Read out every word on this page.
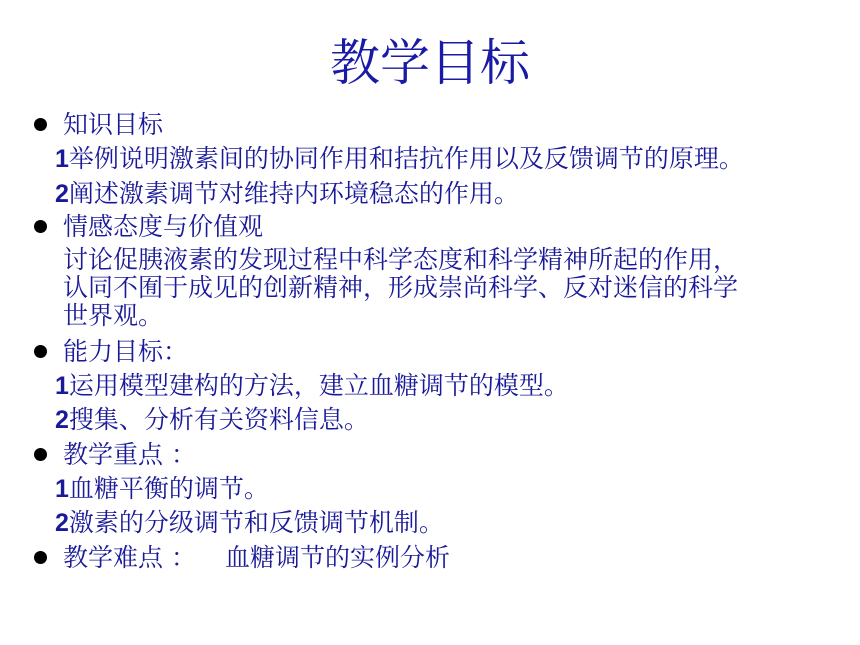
教学目标
知识目标
1举例说明激素间的协同作用和拮抗作用以及反馈调节的原理。
2阐述激素调节对维持内环境稳态的作用。
情感态度与价值观
讨论促胰液素的发现过程中科学态度和科学精神所起的作用，
认同不囿于成见的创新精神，形成崇尚科学、反对迷信的科学
世界观。
能力目标：
1运用模型建构的方法，建立血糖调节的模型。
2搜集、分析有关资料信息。
教学重点 ：
1血糖平衡的调节。
2激素的分级调节和反馈调节机制。
教学难点 ： 血糖调节的实例分析
